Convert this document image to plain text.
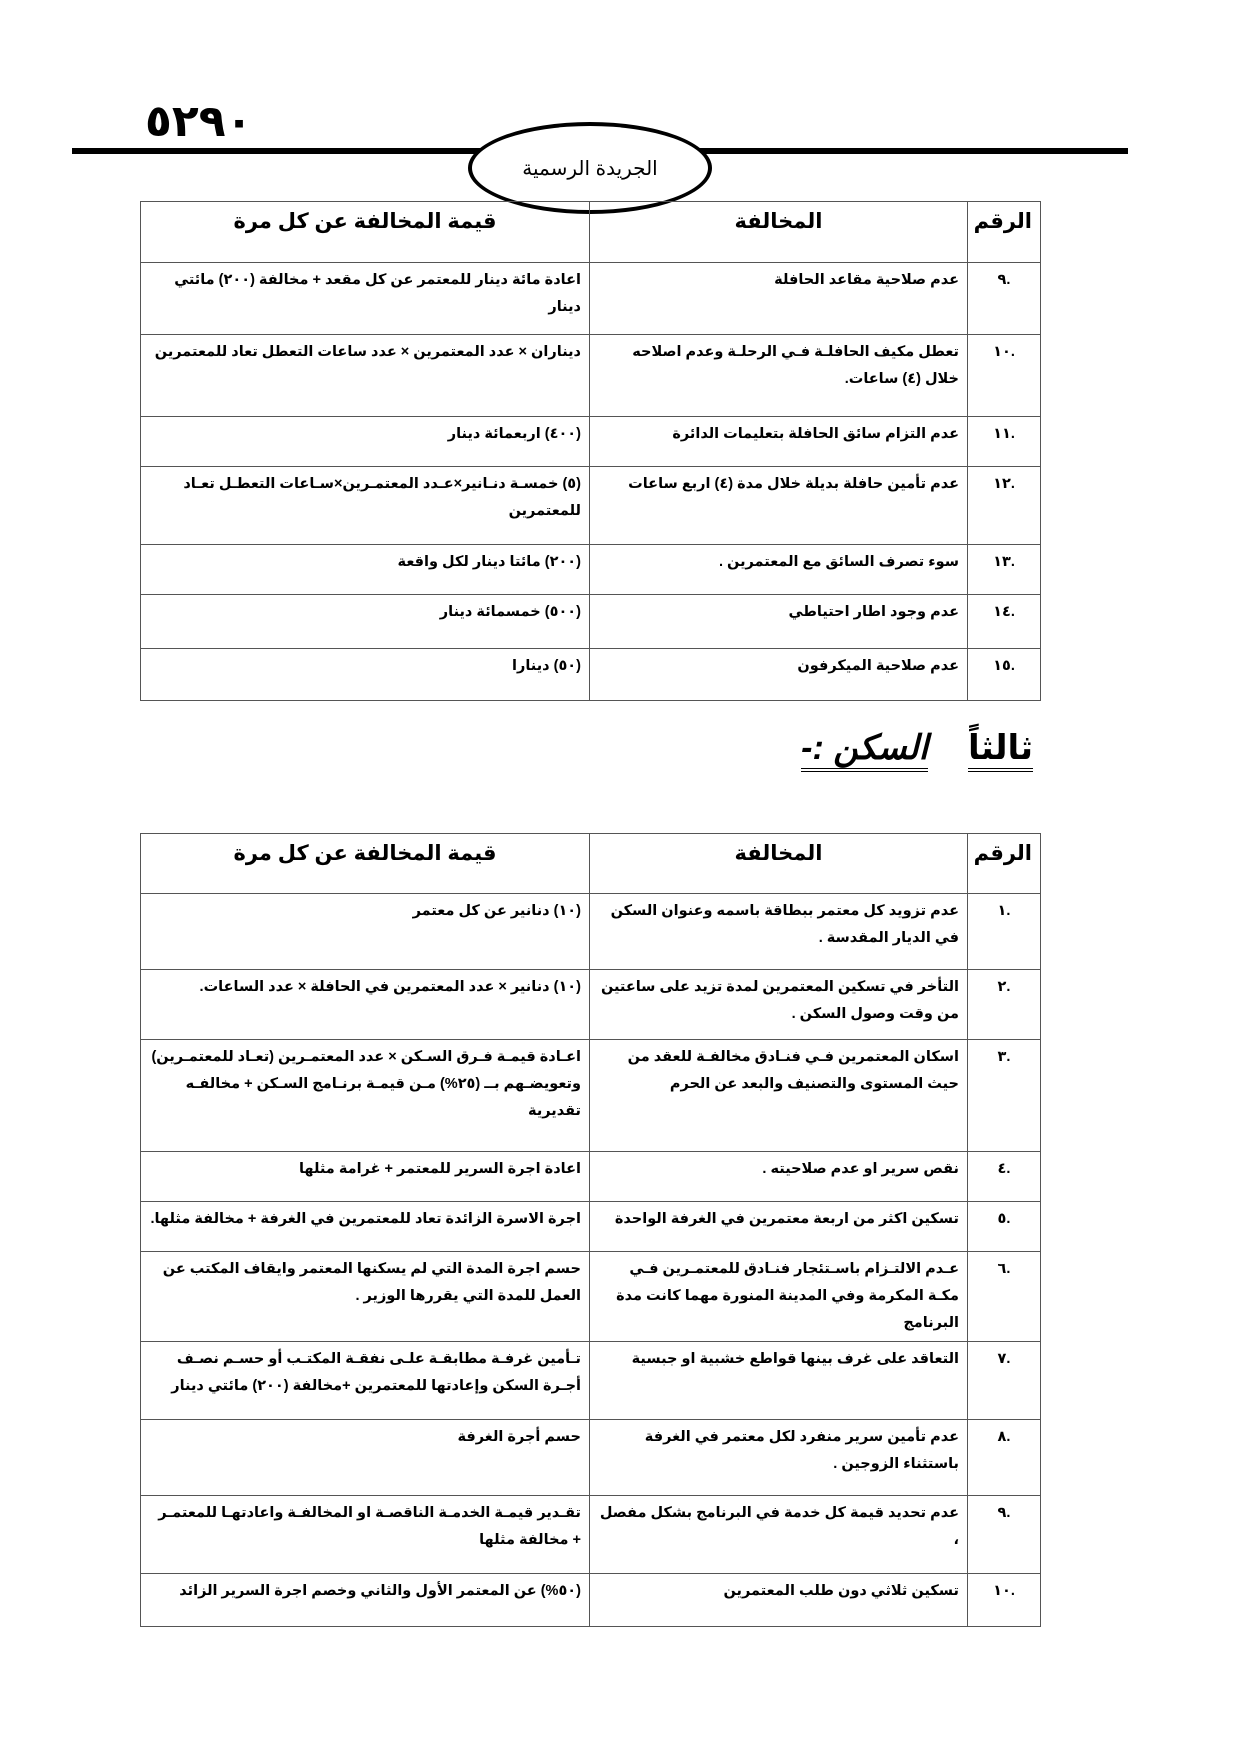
٥٢٩٠
الجريدة الرسمية
الرقم	المخالفة	قيمة المخالفة عن كل مرة
.٩	عدم صلاحية مقاعد الحافلة	اعادة مائة دينار للمعتمر عن كل مقعد + مخالفة (٢٠٠) مائتي دينار
.١٠	تعطل مكيف الحافلـة فـي الرحلـة وعدم اصلاحه خلال (٤) ساعات.	ديناران × عدد المعتمرين × عدد ساعات التعطل تعاد للمعتمرين
.١١	عدم التزام سائق الحافلة بتعليمات الدائرة	(٤٠٠) اربعمائة دينار
.١٢	عدم تأمين حافلة بديلة خلال مدة (٤) اربع ساعات	(٥) خمسـة دنـانير×عـدد المعتمـرين×سـاعات التعطـل تعـاد للمعتمرين
.١٣	سوء تصرف السائق مع المعتمرين .	(٢٠٠) مائتا دينار لكل واقعة
.١٤	عدم وجود اطار احتياطي	(٥٠٠) خمسمائة دينار
.١٥	عدم صلاحية الميكرفون	(٥٠) دينارا
ثالثاًالسكن :-
الرقم	المخالفة	قيمة المخالفة عن كل مرة
.١	عدم تزويد كل معتمر ببطاقة باسمه وعنوان السكن في الديار المقدسة .	(١٠) دنانير عن كل معتمر
.٢	التأخر في تسكين المعتمرين لمدة تزيد على ساعتين من وقت وصول السكن .	(١٠) دنانير × عدد المعتمرين في الحافلة × عدد الساعات.
.٣	اسكان المعتمرين فـي فنـادق مخالفـة للعقد من حيث المستوى والتصنيف والبعد عن الحرم	اعـادة قيمـة فـرق السـكن × عدد المعتمـرين (تعـاد للمعتمـرين) وتعويضـهم بــ (٢٥%) مـن قيمـة برنـامج السـكن + مخالفـه تقديرية
.٤	نقص سرير او عدم صلاحيته .	اعادة اجرة السرير للمعتمر + غرامة مثلها
.٥	تسكين اكثر من اربعة معتمرين في الغرفة الواحدة	اجرة الاسرة الزائدة تعاد للمعتمرين في الغرفة + مخالفة مثلها.
.٦	عـدم الالتـزام باسـتئجار فنـادق للمعتمـرين فـي مكـة المكرمة وفي المدينة المنورة مهما كانت مدة البرنامج	حسم اجرة المدة التي لم يسكنها المعتمر وايقاف المكتب عن العمل للمدة التي يقررها الوزير .
.٧	التعاقد على غرف بينها قواطع خشبية او جبسية	تـأمين غرفـة مطابقـة علـى نفقـة المكتـب أو حسـم نصـف أجـرة السكن وإعادتها للمعتمرين +مخالفة (٢٠٠) مائتي دينار
.٨	عدم تأمين سرير منفرد لكل معتمر في الغرفة باستثناء الزوجين .	حسم أجرة الغرفة
.٩	عدم تحديد قيمة كل خدمة في البرنامج بشكل مفصل ،	تقـدير قيمـة الخدمـة الناقصـة او المخالفـة واعادتهـا للمعتمـر + مخالفة مثلها
.١٠	تسكين ثلاثي دون طلب المعتمرين	(٥٠%) عن المعتمر الأول والثاني وخصم اجرة السرير الزائد
